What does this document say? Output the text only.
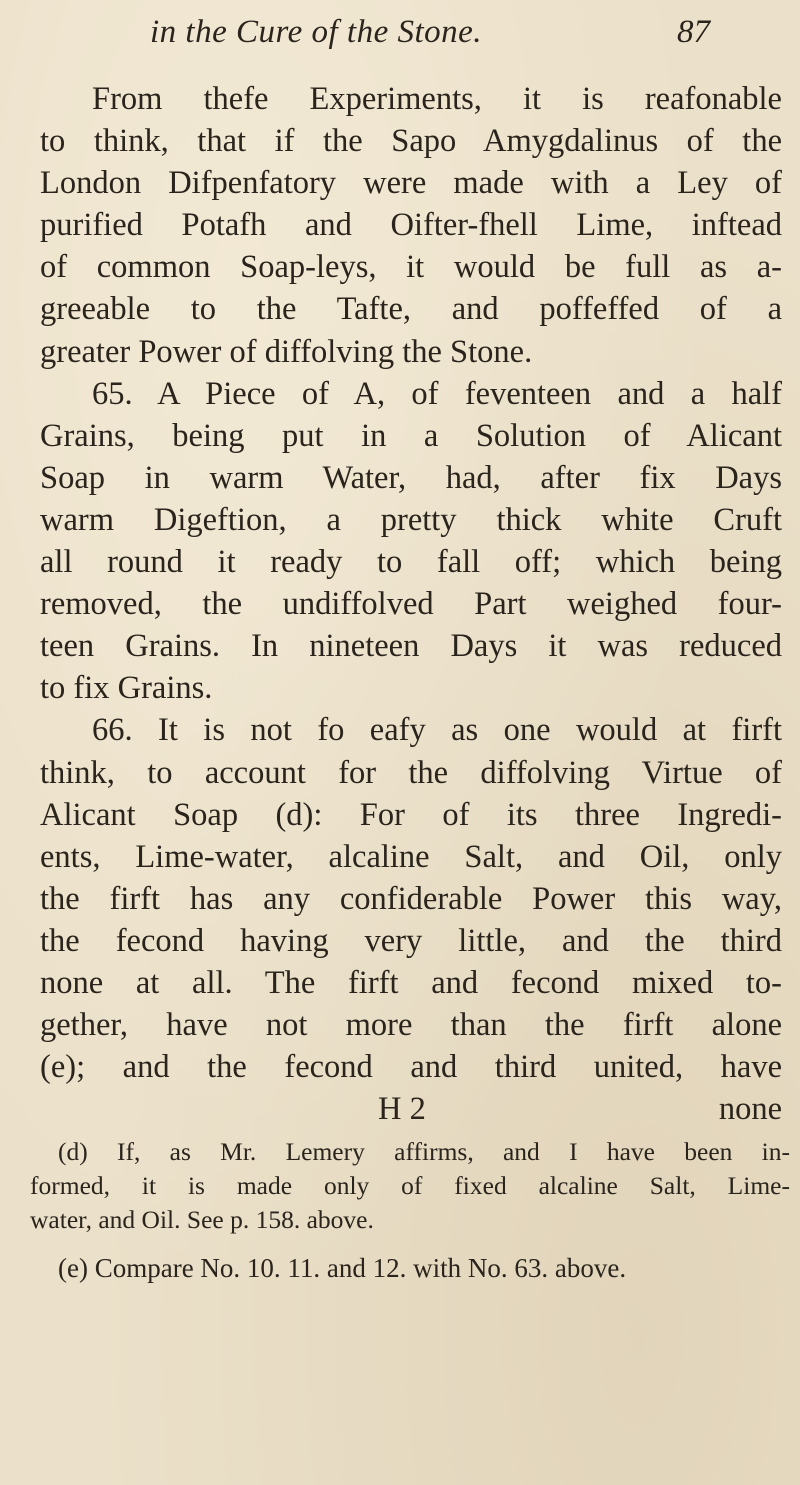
in the Cure of the Stone.	87
From thefe Experiments, it is reafonable
to think, that if the Sapo Amygdalinus of the
London Difpenfatory were made with a Ley of
purified Potafh and Oifter-fhell Lime, inftead
of common Soap-leys, it would be full as a-
greeable to the Tafte, and poffeffed of a
greater Power of diffolving the Stone.
65. A Piece of A, of feventeen and a half
Grains, being put in a Solution of Alicant
Soap in warm Water, had, after fix Days
warm Digeftion, a pretty thick white Cruft
all round it ready to fall off; which being
removed, the undiffolved Part weighed four-
teen Grains. In nineteen Days it was reduced
to fix Grains.
66. It is not fo eafy as one would at firft
think, to account for the diffolving Virtue of
Alicant Soap (d): For of its three Ingredi-
ents, Lime-water, alcaline Salt, and Oil, only
the firft has any confiderable Power this way,
the fecond having very little, and the third
none at all. The firft and fecond mixed to-
gether, have not more than the firft alone
(e); and the fecond and third united, have
H 2	none
(d) If, as Mr. Lemery affirms, and I have been in-
formed, it is made only of fixed alcaline Salt, Lime-
water, and Oil. See p. 158. above.
(e) Compare No. 10. 11. and 12. with No. 63. above.
